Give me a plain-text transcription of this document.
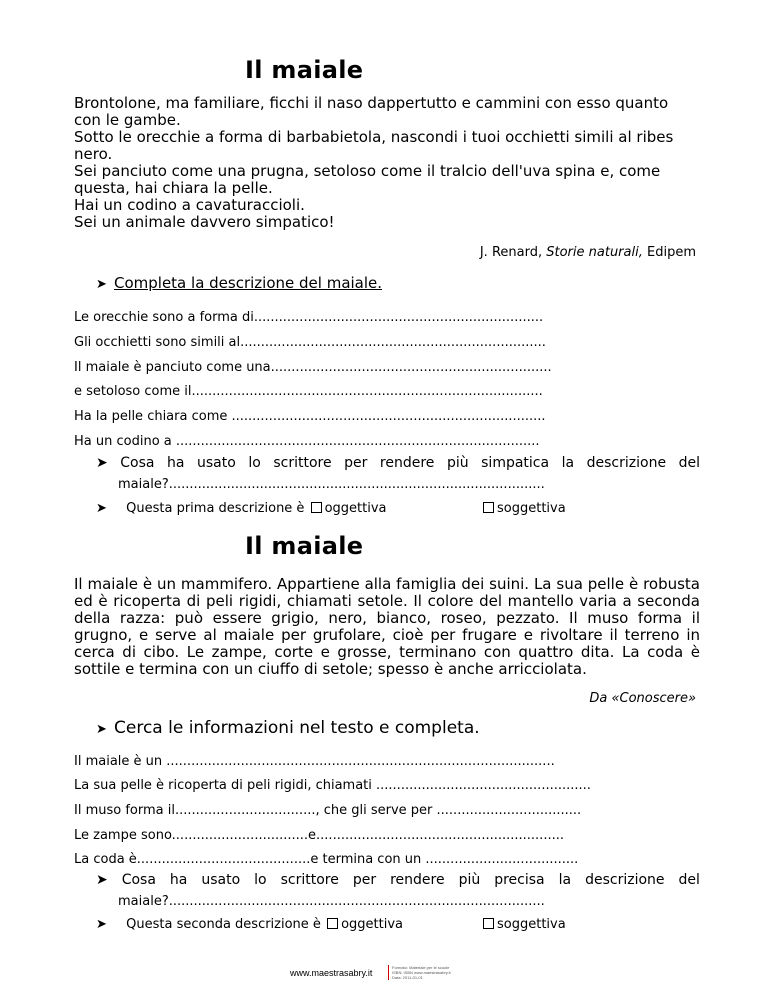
Il maiale
Brontolone, ma familiare, ficchi il naso dappertutto e cammini con esso quanto
con le gambe.
Sotto le orecchie a forma di barbabietola, nascondi i tuoi occhietti simili al ribes
nero.
Sei panciuto come una prugna, setoloso come il tralcio dell'uva spina e, come
questa, hai chiara la pelle.
Hai un codino a cavaturaccioli.
Sei un animale davvero simpatico!
J. Renard, Storie naturali, Edipem
➤ Completa la descrizione del maiale.
Le orecchie sono a forma di......................................................................
Gli occhietti sono simili al..........................................................................
Il maiale è panciuto come una....................................................................
e setoloso come il.....................................................................................
Ha la pelle chiara come ............................................................................
Ha un codino a ........................................................................................
➤ Cosa ha usato lo scrittore per rendere più simpatica la descrizione del
maiale?...........................................................................................
➤ Questa prima descrizione è oggettiva	soggettiva
Il maiale
Il maiale è un mammifero. Appartiene alla famiglia dei suini. La sua pelle è robusta ed è ricoperta di peli rigidi, chiamati setole. Il colore del mantello varia a seconda della razza: può essere grigio, nero, bianco, roseo, pezzato. Il muso forma il grugno, e serve al maiale per grufolare, cioè per frugare e rivoltare il terreno in cerca di cibo. Le zampe, corte e grosse, terminano con quattro dita. La coda è sottile e termina con un ciuffo di setole; spesso è anche arricciolata.
Da «Conoscere»
➤ Cerca le informazioni nel testo e completa.
Il maiale è un ..............................................................................................
La sua pelle è ricoperta di peli rigidi, chiamati ....................................................
Il muso forma il.................................., che gli serve per ...................................
Le zampe sono.................................e............................................................
La coda è..........................................e termina con un .....................................
➤ Cosa ha usato lo scrittore per rendere più precisa la descrizione del
maiale?...........................................................................................
➤ Questa seconda descrizione è oggettiva	soggettiva
www.maestrasabry.it
Formato: Materiale per le scuole
ISBN: ISBN www.maestrasabry.it
Data: 2011-01-01
